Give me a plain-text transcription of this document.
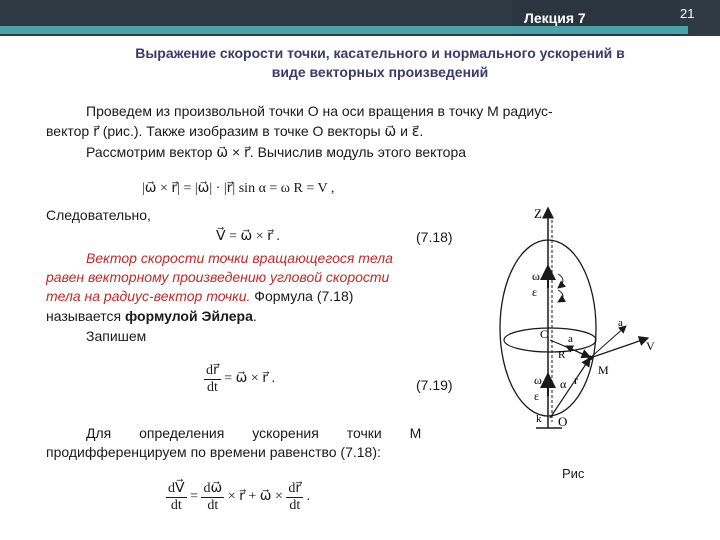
Лекция 7	21
Выражение скорости точки, касательного и нормального ускорений в
виде векторных произведений
Проведем из произвольной точки O на оси вращения в точку M радиус-
вектор r⃗ (рис.). Также изобразим в точке O векторы ω⃗ и ε⃗.
Рассмотрим вектор ω⃗ × r⃗. Вычислив модуль этого вектора
|ω⃗ × r⃗| = |ω⃗| · |r⃗| sin α = ω R = V ,
Следовательно,
V⃗ = ω⃗ × r⃗ .	(7.18)
Вектор скорости точки вращающегося тела
равен векторному произведению угловой скорости
тела на радиус-вектор точки. Формула (7.18)
называется формулой Эйлера.
Запишем
$\frac{dr⃗}{dt}$ = ω⃗ × r⃗ .	(7.19)
Для определения ускорения точки M
продифференцируем по времени равенство (7.18):
$\frac{dV⃗}{dt} = \frac{d\omega⃗}{dt}$ × r⃗ + ω⃗ × $\frac{dr⃗}{dt}$ .
Z
ω
ε
C
R
r
M
a
a	V
ω α
ε
k O
Рис
